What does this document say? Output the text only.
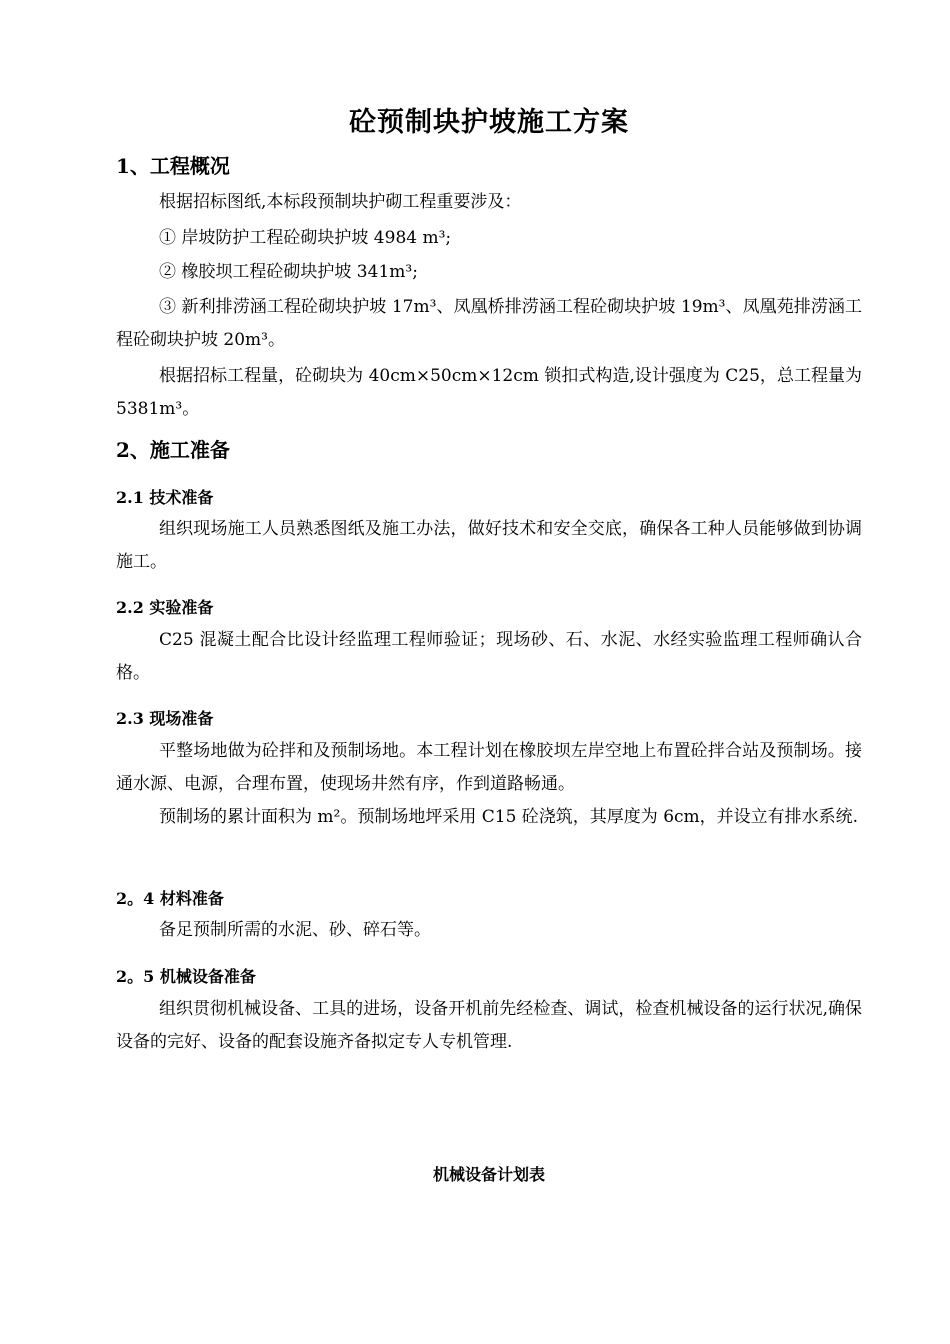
砼预制块护坡施工方案
1、工程概况
根据招标图纸,本标段预制块护砌工程重要涉及：
① 岸坡防护工程砼砌块护坡 4984 m³;
② 橡胶坝工程砼砌块护坡 341m³;
③ 新利排涝涵工程砼砌块护坡 17m³、凤凰桥排涝涵工程砼砌块护坡 19m³、凤凰苑排涝涵工程砼砌块护坡 20m³。
根据招标工程量，砼砌块为 40cm×50cm×12cm 锁扣式构造,设计强度为 C25，总工程量为 5381m³。
2、施工准备
2.1 技术准备
组织现场施工人员熟悉图纸及施工办法，做好技术和安全交底，确保各工种人员能够做到协调施工。
2.2 实验准备
C25 混凝土配合比设计经监理工程师验证；现场砂、石、水泥、水经实验监理工程师确认合格。
2.3 现场准备
平整场地做为砼拌和及预制场地。本工程计划在橡胶坝左岸空地上布置砼拌合站及预制场。接通水源、电源，合理布置，使现场井然有序，作到道路畅通。
预制场的累计面积为 m²。预制场地坪采用 C15 砼浇筑，其厚度为 6cm，并设立有排水系统.
2。4 材料准备
备足预制所需的水泥、砂、碎石等。
2。5 机械设备准备
组织贯彻机械设备、工具的进场，设备开机前先经检查、调试，检查机械设备的运行状况,确保设备的完好、设备的配套设施齐备拟定专人专机管理.
机械设备计划表
